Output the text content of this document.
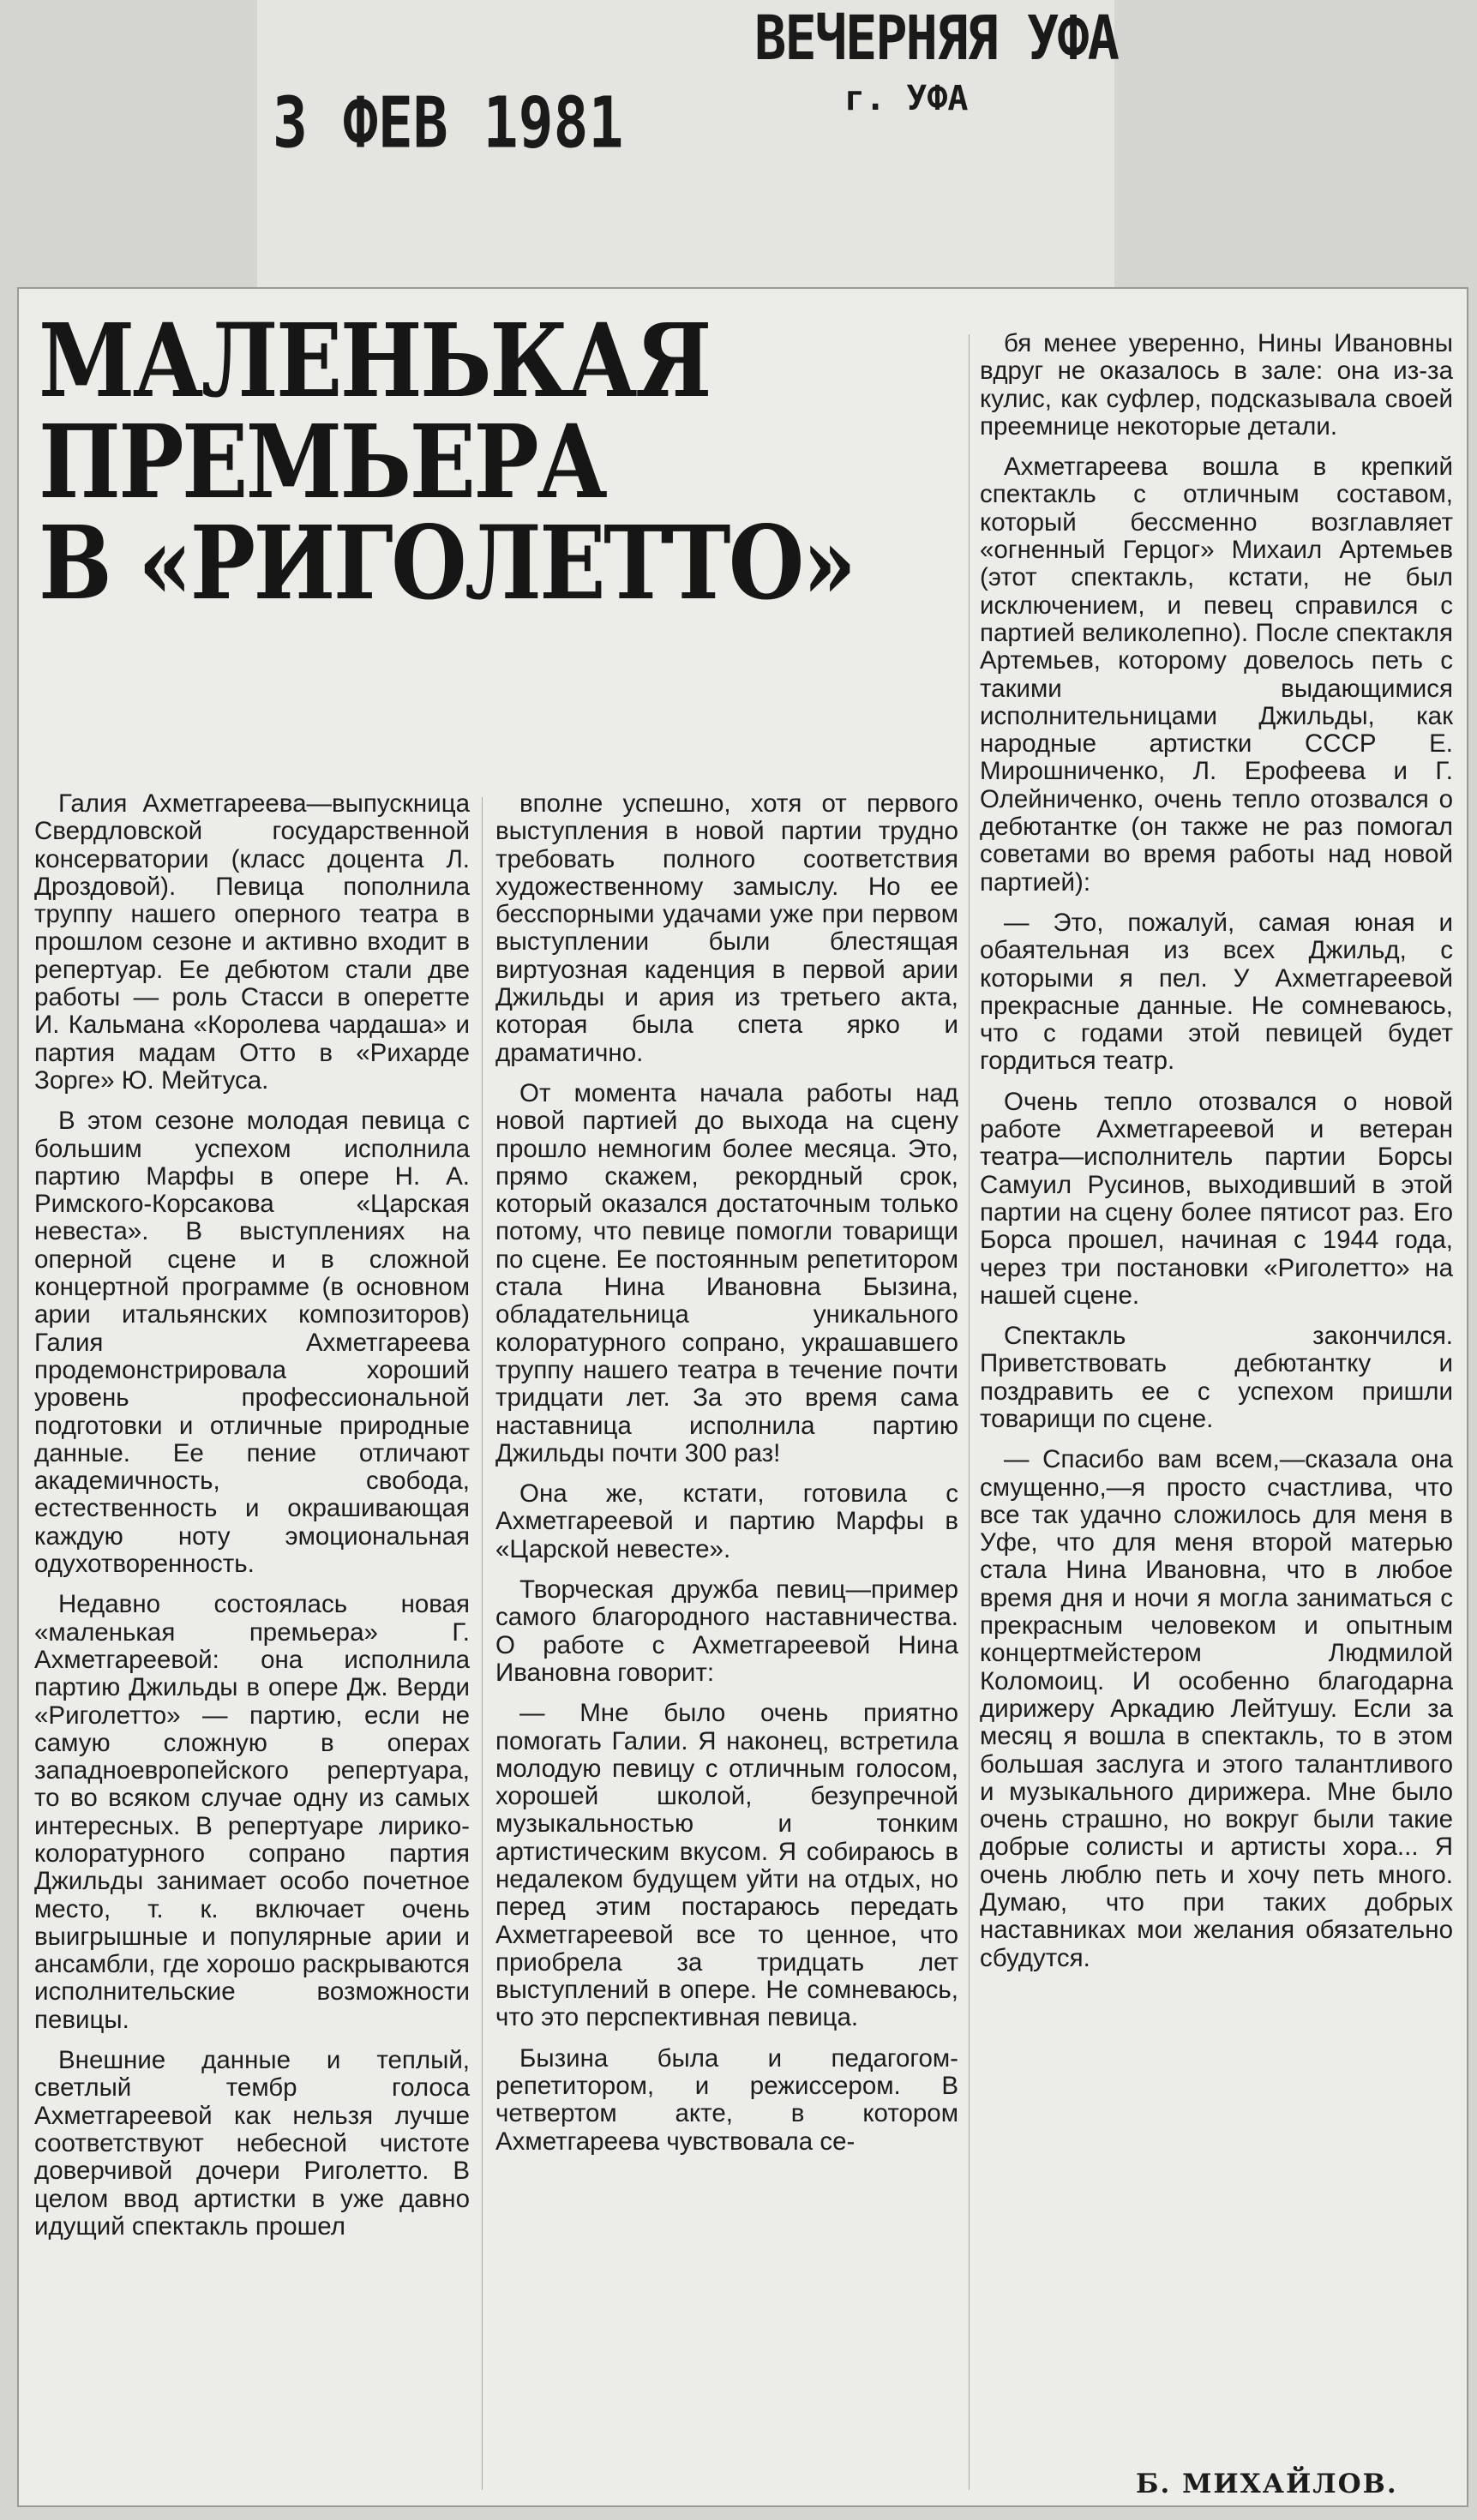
ВЕЧЕРНЯЯ УФА
г. УФА
3 ФЕВ 1981
МАЛЕНЬКАЯ
ПРЕМЬЕРА
В «РИГОЛЕТТО»

Галия Ахметгареева—выпускница Свердловской государственной консерватории (класс доцента Л. Дроздовой). Певица пополнила труппу нашего оперного театра в прошлом сезоне и активно входит в репертуар. Ее дебютом стали две работы — роль Стасси в оперетте И. Кальмана «Королева чардаша» и партия мадам Отто в «Рихарде Зорге» Ю. Мейтуса.

В этом сезоне молодая певица с большим успехом исполнила партию Марфы в опере Н. А. Римского-Корсакова «Царская невеста». В выступлениях на оперной сцене и в сложной концертной программе (в основном арии итальянских композиторов) Галия Ахметгареева продемонстрировала хороший уровень профессиональной подготовки и отличные природные данные. Ее пение отличают академичность, свобода, естественность и окрашивающая каждую ноту эмоциональная одухотворенность.

Недавно состоялась новая «маленькая премьера» Г. Ахметгареевой: она исполнила партию Джильды в опере Дж. Верди «Риголетто» — партию, если не самую сложную в операх западноевропейского репертуара, то во всяком случае одну из самых интересных. В репертуаре лирико-колоратурного сопрано партия Джильды занимает особо почетное место, т. к. включает очень выигрышные и популярные арии и ансамбли, где хорошо раскрываются исполнительские возможности певицы.

Внешние данные и теплый, светлый тембр голоса Ахметгареевой как нельзя лучше соответствуют небесной чистоте доверчивой дочери Риголетто. В целом ввод артистки в уже давно идущий спектакль прошел

вполне успешно, хотя от первого выступления в новой партии трудно требовать полного соответствия художественному замыслу. Но ее бесспорными удачами уже при первом выступлении были блестящая виртуозная каденция в первой арии Джильды и ария из третьего акта, которая была спета ярко и драматично.

От момента начала работы над новой партией до выхода на сцену прошло немногим более месяца. Это, прямо скажем, рекордный срок, который оказался достаточным только потому, что певице помогли товарищи по сцене. Ее постоянным репетитором стала Нина Ивановна Бызина, обладательница уникального колоратурного сопрано, украшавшего труппу нашего театра в течение почти тридцати лет. За это время сама наставница исполнила партию Джильды почти 300 раз!

Она же, кстати, готовила с Ахметгареевой и партию Марфы в «Царской невесте».

Творческая дружба певиц—пример самого благородного наставничества. О работе с Ахметгареевой Нина Ивановна говорит:

— Мне было очень приятно помогать Галии. Я наконец, встретила молодую певицу с отличным голосом, хорошей школой, безупречной музыкальностью и тонким артистическим вкусом. Я собираюсь в недалеком будущем уйти на отдых, но перед этим постараюсь передать Ахметгареевой все то ценное, что приобрела за тридцать лет выступлений в опере. Не сомневаюсь, что это перспективная певица.

Бызина была и педагогом-репетитором, и режиссером. В четвертом акте, в котором Ахметгареева чувствовала се-

бя менее уверенно, Нины Ивановны вдруг не оказалось в зале: она из-за кулис, как суфлер, подсказывала своей преемнице некоторые детали.

Ахметгареева вошла в крепкий спектакль с отличным составом, который бессменно возглавляет «огненный Герцог» Михаил Артемьев (этот спектакль, кстати, не был исключением, и певец справился с партией великолепно). После спектакля Артемьев, которому довелось петь с такими выдающимися исполнительницами Джильды, как народные артистки СССР Е. Мирошниченко, Л. Ерофеева и Г. Олейниченко, очень тепло отозвался о дебютантке (он также не раз помогал советами во время работы над новой партией):

— Это, пожалуй, самая юная и обаятельная из всех Джильд, с которыми я пел. У Ахметгареевой прекрасные данные. Не сомневаюсь, что с годами этой певицей будет гордиться театр.

Очень тепло отозвался о новой работе Ахметгареевой и ветеран театра—исполнитель партии Борсы Самуил Русинов, выходивший в этой партии на сцену более пятисот раз. Его Борса прошел, начиная с 1944 года, через три постановки «Риголетто» на нашей сцене.

Спектакль закончился. Приветствовать дебютантку и поздравить ее с успехом пришли товарищи по сцене.

— Спасибо вам всем,—сказала она смущенно,—я просто счастлива, что все так удачно сложилось для меня в Уфе, что для меня второй матерью стала Нина Ивановна, что в любое время дня и ночи я могла заниматься с прекрасным человеком и опытным концертмейстером Людмилой Коломоиц. И особенно благодарна дирижеру Аркадию Лейтушу. Если за месяц я вошла в спектакль, то в этом большая заслуга и этого талантливого и музыкального дирижера. Мне было очень страшно, но вокруг были такие добрые солисты и артисты хора... Я очень люблю петь и хочу петь много. Думаю, что при таких добрых наставниках мои желания обязательно сбудутся.

Б. МИХАЙЛОВ.
